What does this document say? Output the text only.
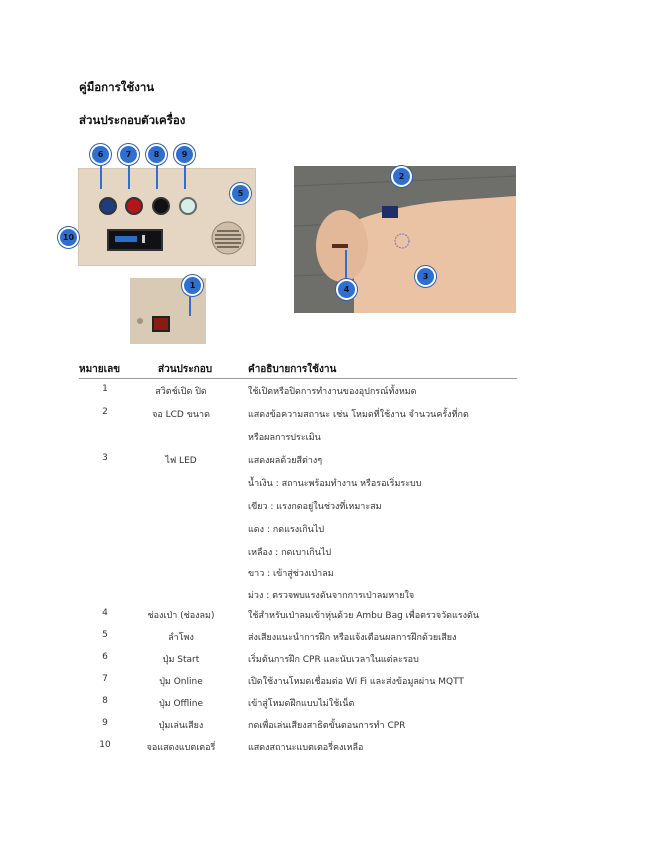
คู่มือการใช้งาน
ส่วนประกอบตัวเครื่อง
6	7	8	9
5
10
1
2
3
4
หมายเลข	ส่วนประกอบ	คำอธิบายการใช้งาน
1	สวิตช์เปิด ปิด	ใช้เปิดหรือปิดการทำงานของอุปกรณ์ทั้งหมด
2	จอ LCD ขนาด	แสดงข้อความสถานะ เช่น โหมดที่ใช้งาน จำนวนครั้งที่กด
หรือผลการประเมิน
3	ไฟ LED	แสดงผลด้วยสีต่างๆ
น้ำเงิน : สถานะพร้อมทำงาน หรือรอเริ่มระบบ
เขียว : แรงกดอยู่ในช่วงที่เหมาะสม
แดง : กดแรงเกินไป
เหลือง : กดเบาเกินไป
ขาว : เข้าสู่ช่วงเป่าลม
ม่วง : ตรวจพบแรงดันจากการเป่าลมหายใจ
4	ช่องเป่า (ช่องลม)	ใช้สำหรับเป่าลมเข้าหุ่นด้วย Ambu Bag เพื่อตรวจวัดแรงดัน
5	ลำโพง	ส่งเสียงแนะนำการฝึก หรือแจ้งเตือนผลการฝึกด้วยเสียง
6	ปุ่ม Start	เริ่มต้นการฝึก CPR และนับเวลาในแต่ละรอบ
7	ปุ่ม Online	เปิดใช้งานโหมดเชื่อมต่อ Wi Fi และส่งข้อมูลผ่าน MQTT
8	ปุ่ม Offline	เข้าสู่โหมดฝึกแบบไม่ใช้เน็ต
9	ปุ่มเล่นเสียง	กดเพื่อเล่นเสียงสาธิตขั้นตอนการทำ CPR
10	จอแสดงแบตเตอรี่	แสดงสถานะแบตเตอรี่คงเหลือ
